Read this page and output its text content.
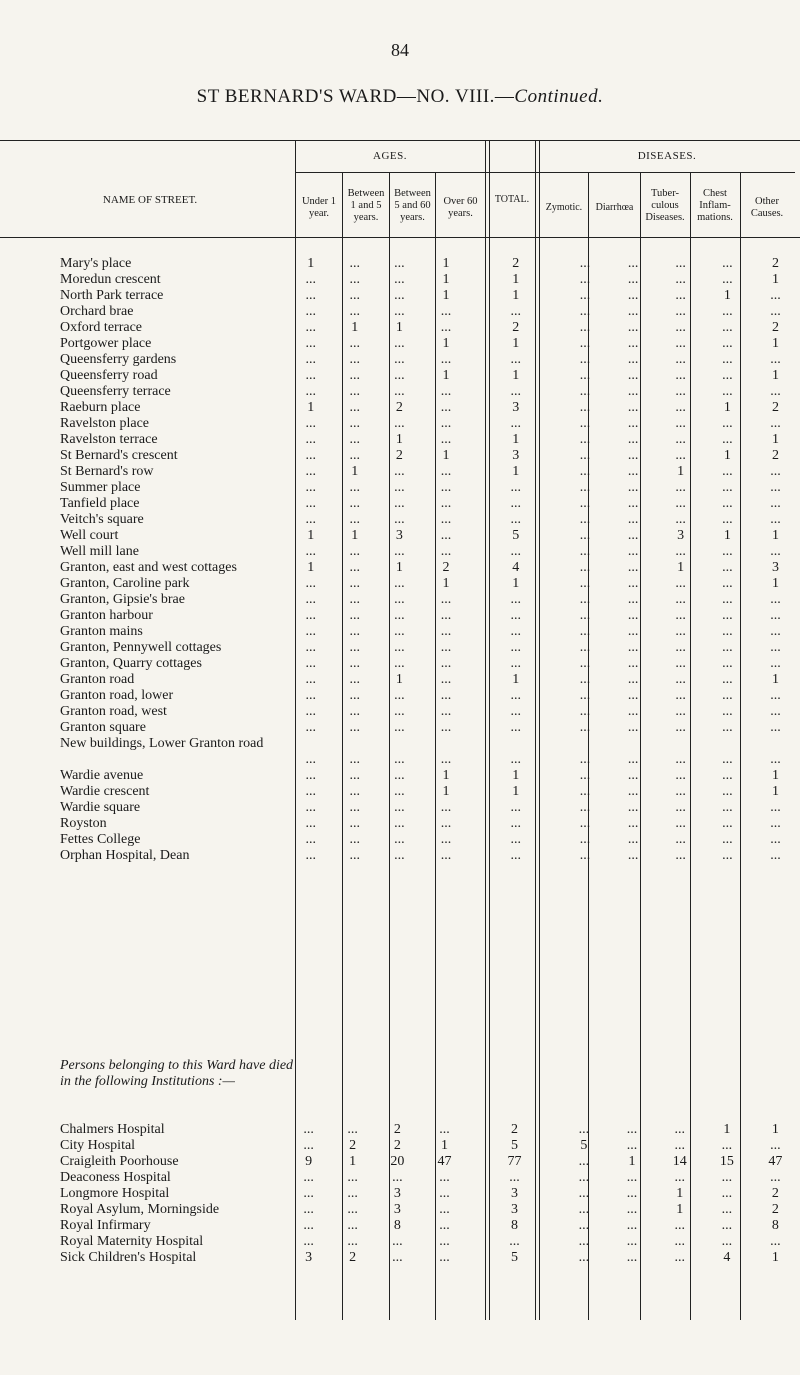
84
ST BERNARD'S WARD—NO. VIII.—Continued.
NAME OF STREET.
AGES.
TOTAL.
DISEASES.
Under 1 year.
Between 1 and 5 years.
Between 5 and 60 years.
Over 60 years.
Zymotic.	Diarrhœa
Tuber-culous Diseases.
Chest Inflam-mations.
Other Causes.
Mary's place	1	...	...	1	2	...	...	...	...	2
Moredun crescent	...	...	...	1	1	...	...	...	...	1
North Park terrace	...	...	...	1	1	...	...	...	1	...
Orchard brae	...	...	...	...	...	...	...	...	...	...
Oxford terrace	...	1	1	...	2	...	...	...	...	2
Portgower place	...	...	...	1	1	...	...	...	...	1
Queensferry gardens	...	...	...	...	...	...	...	...	...	...
Queensferry road	...	...	...	1	1	...	...	...	...	1
Queensferry terrace	...	...	...	...	...	...	...	...	...	...
Raeburn place	1	...	2	...	3	...	...	...	1	2
Ravelston place	...	...	...	...	...	...	...	...	...	...
Ravelston terrace	...	...	1	...	1	...	...	...	...	1
St Bernard's crescent	...	...	2	1	3	...	...	...	1	2
St Bernard's row	...	1	...	...	1	...	...	1	...	...
Summer place	...	...	...	...	...	...	...	...	...	...
Tanfield place	...	...	...	...	...	...	...	...	...	...
Veitch's square	...	...	...	...	...	...	...	...	...	...
Well court	1	1	3	...	5	...	...	3	1	1
Well mill lane	...	...	...	...	...	...	...	...	...	...
Granton, east and west cottages	1	...	1	2	4	...	...	1	...	3
Granton, Caroline park	...	...	...	1	1	...	...	...	...	1
Granton, Gipsie's brae	...	...	...	...	...	...	...	...	...	...
Granton harbour	...	...	...	...	...	...	...	...	...	...
Granton mains	...	...	...	...	...	...	...	...	...	...
Granton, Pennywell cottages	...	...	...	...	...	...	...	...	...	...
Granton, Quarry cottages	...	...	...	...	...	...	...	...	...	...
Granton road	...	...	1	...	1	...	...	...	...	1
Granton road, lower	...	...	...	...	...	...	...	...	...	...
Granton road, west	...	...	...	...	...	...	...	...	...	...
Granton square	...	...	...	...	...	...	...	...	...	...
New buildings, Lower Granton road	...	...	...	...	...	...	...	...	...	...
Wardie avenue	...	...	...	1	1	...	...	...	...	1
Wardie crescent	...	...	...	1	1	...	...	...	...	1
Wardie square	...	...	...	...	...	...	...	...	...	...
Royston	...	...	...	...	...	...	...	...	...	...
Fettes College	...	...	...	...	...	...	...	...	...	...
Orphan Hospital, Dean	...	...	...	...	...	...	...	...	...	...
Persons belonging to this Ward have died in the following Institutions :—
Chalmers Hospital	...	...	2	...	2	...	...	...	1	1
City Hospital	...	2	2	1	5	5	...	...	...	...
Craigleith Poorhouse	9	1	20	47	77	...	1	14	15	47
Deaconess Hospital	...	...	...	...	...	...	...	...	...	...
Longmore Hospital	...	...	3	...	3	...	...	1	...	2
Royal Asylum, Morningside	...	...	3	...	3	...	...	1	...	2
Royal Infirmary	...	...	8	...	8	...	...	...	...	8
Royal Maternity Hospital	...	...	...	...	...	...	...	...	...	...
Sick Children's Hospital	3	2	...	...	5	...	...	...	4	1
